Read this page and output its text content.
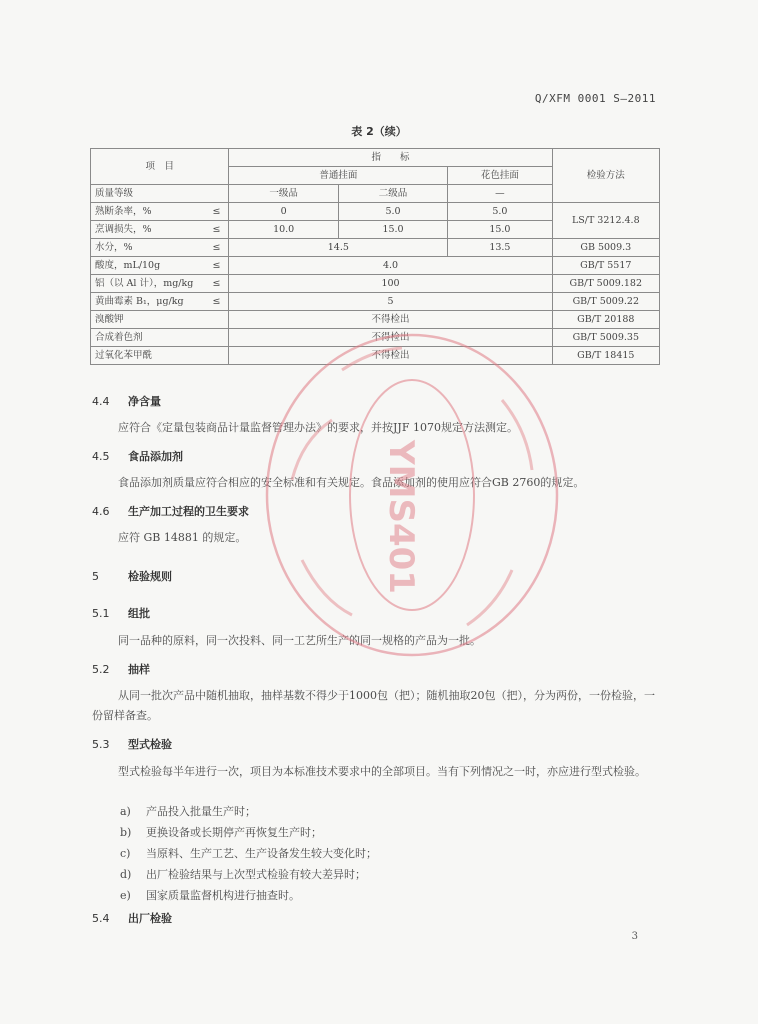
Q/XFM 0001 S—2011
表 2（续）
项　目		指　　标			检验方法
		普通挂面		花色挂面	
质量等级		一级品	二级品	—	
熟断条率，%	≤	0	5.0	5.0	LS/T 3212.4.8
烹调损失，%	≤	10.0	15.0	15.0	
水分，%	≤	14.5		13.5	GB 5009.3
酸度，mL/10g	≤	4.0			GB/T 5517
铝（以 Al 计），mg/kg	≤	100			GB/T 5009.182
黄曲霉素 B₁，μg/kg	≤	5			GB/T 5009.22
溴酸钾		不得检出			GB/T 20188
合成着色剂		不得检出			GB/T 5009.35
过氧化苯甲酰		不得检出			GB/T 18415
4.4 净含量
应符合《定量包装商品计量监督管理办法》的要求，并按JJF 1070规定方法测定。
4.5 食品添加剂
食品添加剂质量应符合相应的安全标准和有关规定。食品添加剂的使用应符合GB 2760的规定。
4.6 生产加工过程的卫生要求
应符 GB 14881 的规定。
5	检验规则
5.1 组批
同一品种的原料，同一次投料、同一工艺所生产的同一规格的产品为一批。
5.2 抽样
从同一批次产品中随机抽取，抽样基数不得少于1000包（把）；随机抽取20包（把），分为两份，一份检验，一份留样备查。
5.3 型式检验
型式检验每半年进行一次，项目为本标准技术要求中的全部项目。当有下列情况之一时，亦应进行型式检验。
a) 产品投入批量生产时；
b) 更换设备或长期停产再恢复生产时；
c) 当原料、生产工艺、生产设备发生较大变化时；
d) 出厂检验结果与上次型式检验有较大差异时；
e) 国家质量监督机构进行抽查时。
5.4 出厂检验
3
YMS401
